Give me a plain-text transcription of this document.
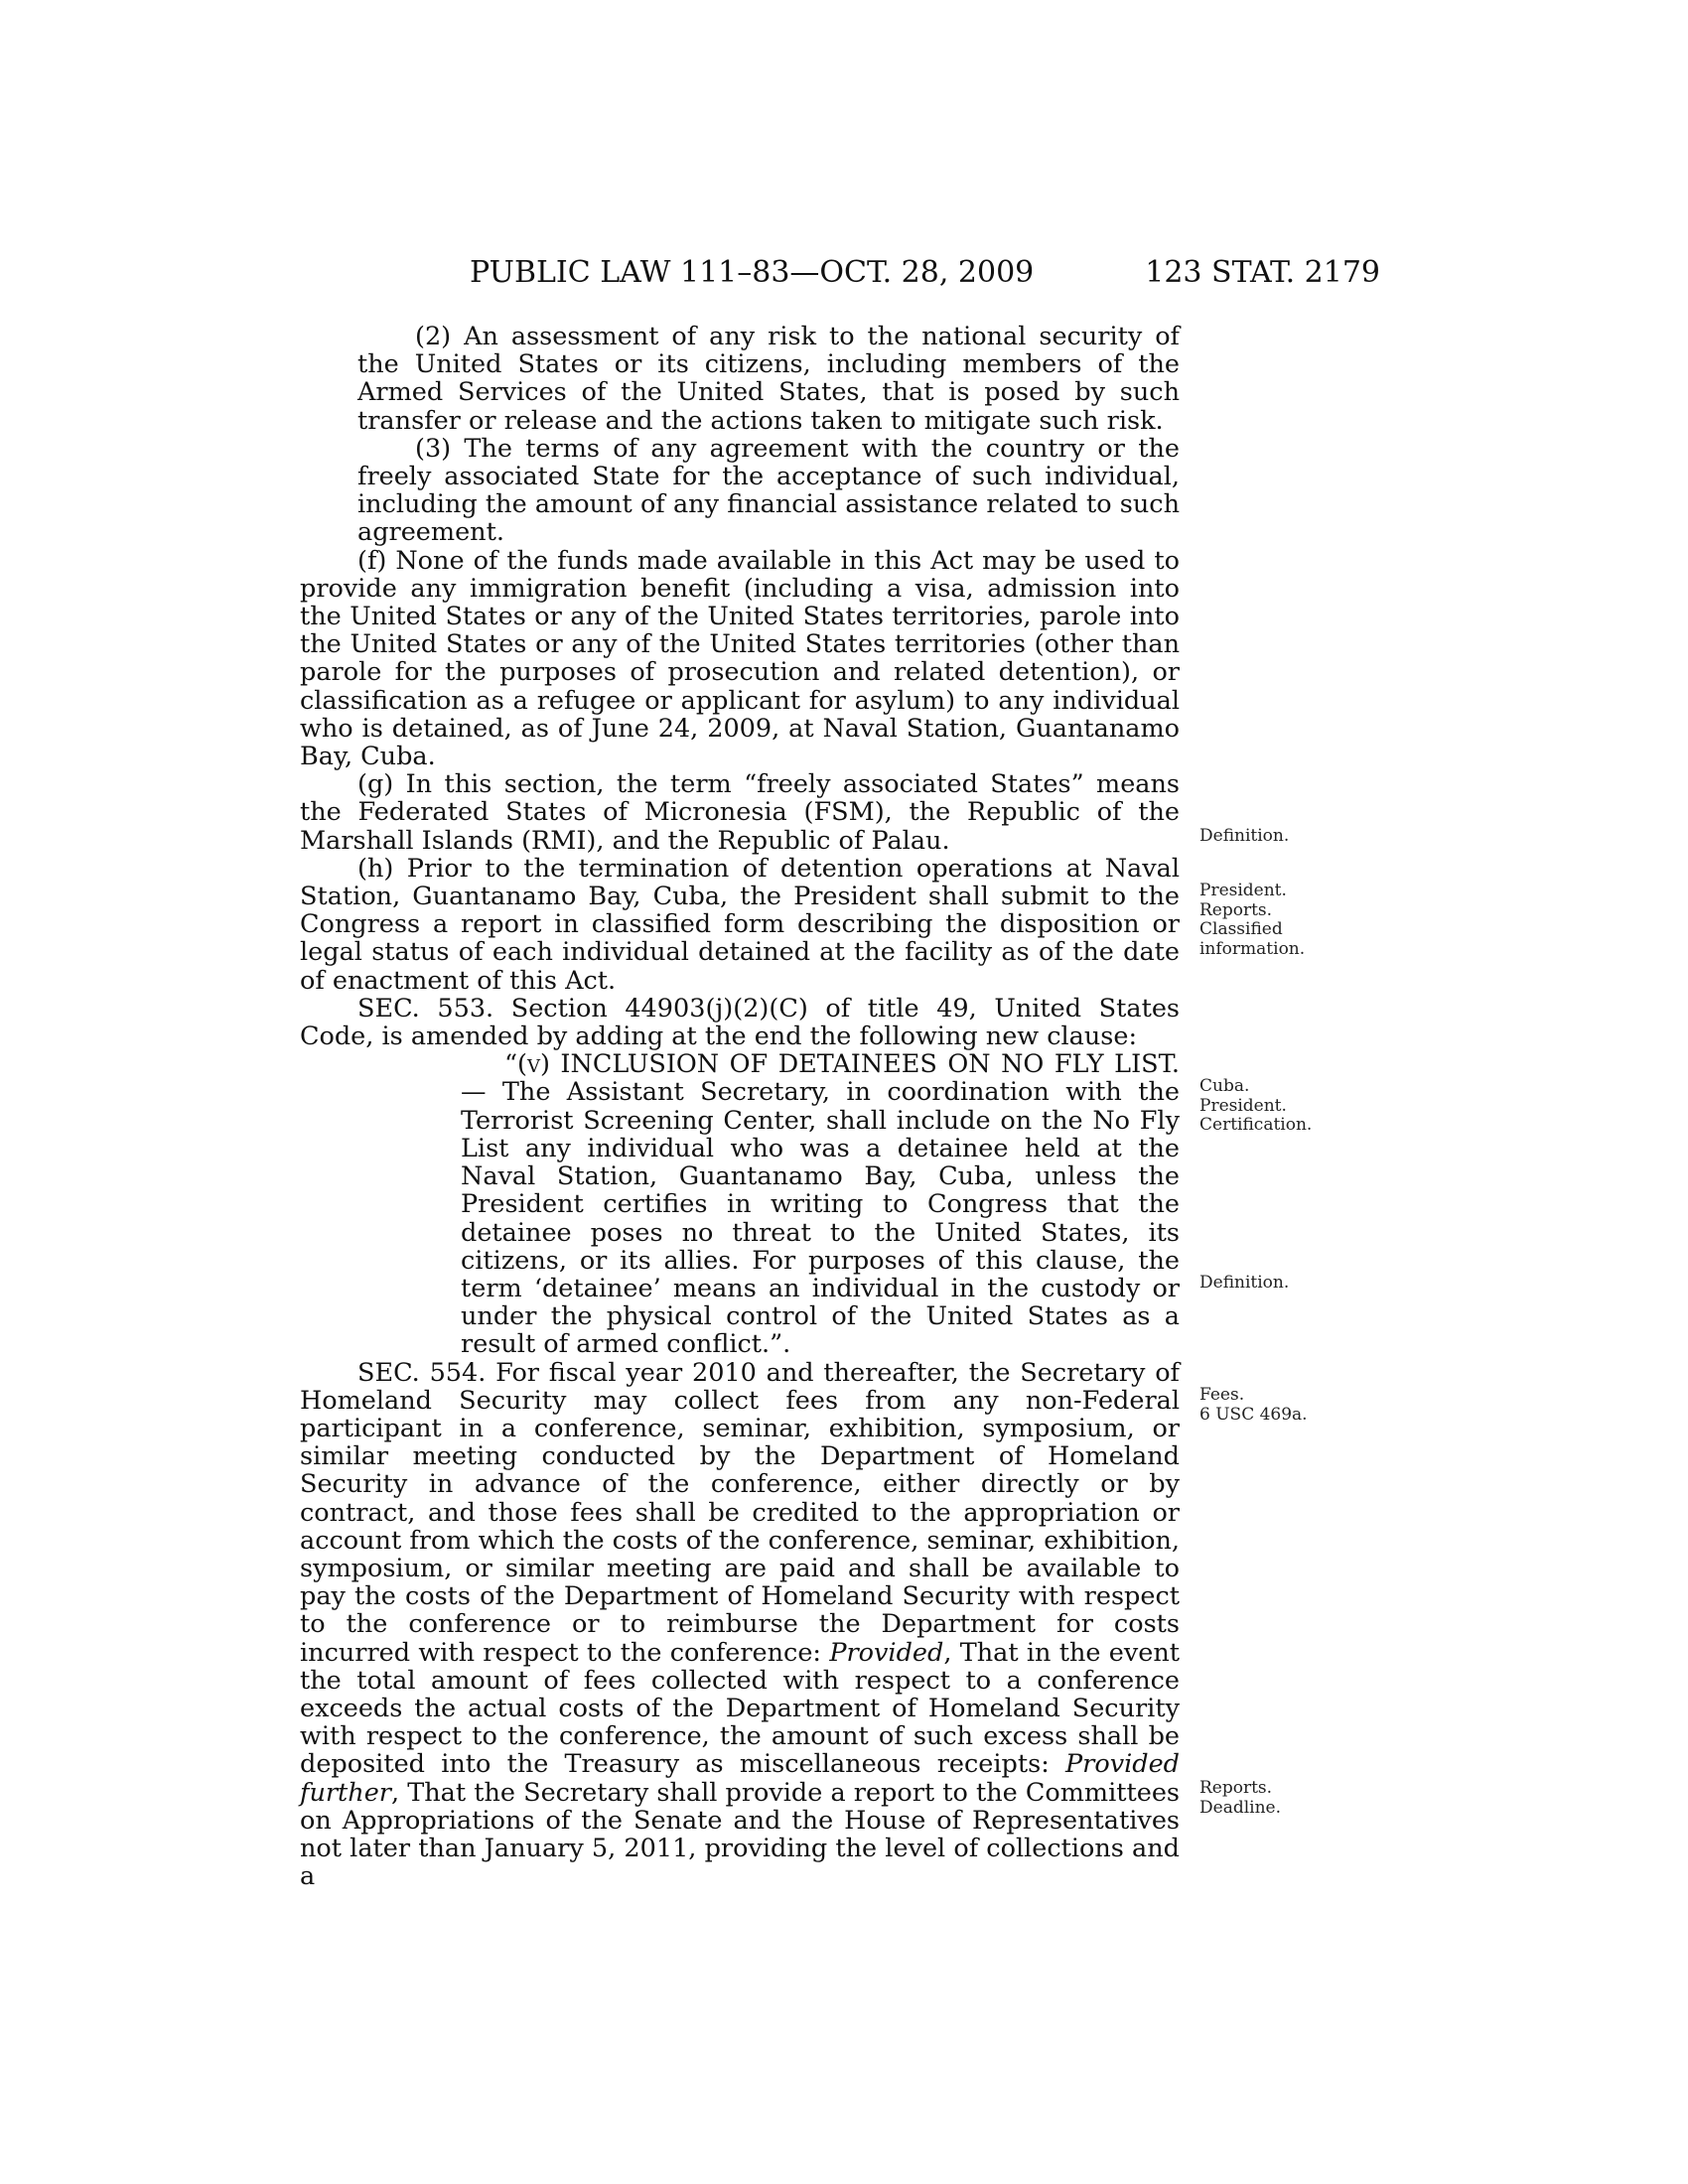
PUBLIC LAW 111–83—OCT. 28, 2009	123 STAT. 2179

(2) An assessment of any risk to the national security of the United States or its citizens, including members of the Armed Services of the United States, that is posed by such transfer or release and the actions taken to mitigate such risk.

(3) The terms of any agreement with the country or the freely associated State for the acceptance of such individual, including the amount of any financial assistance related to such agreement.

(f) None of the funds made available in this Act may be used to provide any immigration benefit (including a visa, admission into the United States or any of the United States territories, parole into the United States or any of the United States territories (other than parole for the purposes of prosecution and related detention), or classification as a refugee or applicant for asylum) to any individual who is detained, as of June 24, 2009, at Naval Station, Guantanamo Bay, Cuba.

(g) In this section, the term “freely associated States” means the Federated States of Micronesia (FSM), the Republic of the Marshall Islands (RMI), and the Republic of Palau.

(h) Prior to the termination of detention operations at Naval Station, Guantanamo Bay, Cuba, the President shall submit to the Congress a report in classified form describing the disposition or legal status of each individual detained at the facility as of the date of enactment of this Act.

SEC. 553. Section 44903(j)(2)(C) of title 49, United States Code, is amended by adding at the end the following new clause:

“(v) INCLUSION OF DETAINEES ON NO FLY LIST.— The Assistant Secretary, in coordination with the Terrorist Screening Center, shall include on the No Fly List any individual who was a detainee held at the Naval Station, Guantanamo Bay, Cuba, unless the President certifies in writing to Congress that the detainee poses no threat to the United States, its citizens, or its allies. For purposes of this clause, the term ‘detainee’ means an individual in the custody or under the physical control of the United States as a result of armed conflict.”.

SEC. 554. For fiscal year 2010 and thereafter, the Secretary of Homeland Security may collect fees from any non-Federal participant in a conference, seminar, exhibition, symposium, or similar meeting conducted by the Department of Homeland Security in advance of the conference, either directly or by contract, and those fees shall be credited to the appropriation or account from which the costs of the conference, seminar, exhibition, symposium, or similar meeting are paid and shall be available to pay the costs of the Department of Homeland Security with respect to the conference or to reimburse the Department for costs incurred with respect to the conference: Provided, That in the event the total amount of fees collected with respect to a conference exceeds the actual costs of the Department of Homeland Security with respect to the conference, the amount of such excess shall be deposited into the Treasury as miscellaneous receipts: Provided further, That the Secretary shall provide a report to the Committees on Appropriations of the Senate and the House of Representatives not later than January 5, 2011, providing the level of collections and a

Definition.
President.
Reports.
Classified
information.
Cuba.
President.
Certification.
Definition.
Fees.
6 USC 469a.
Reports.
Deadline.
